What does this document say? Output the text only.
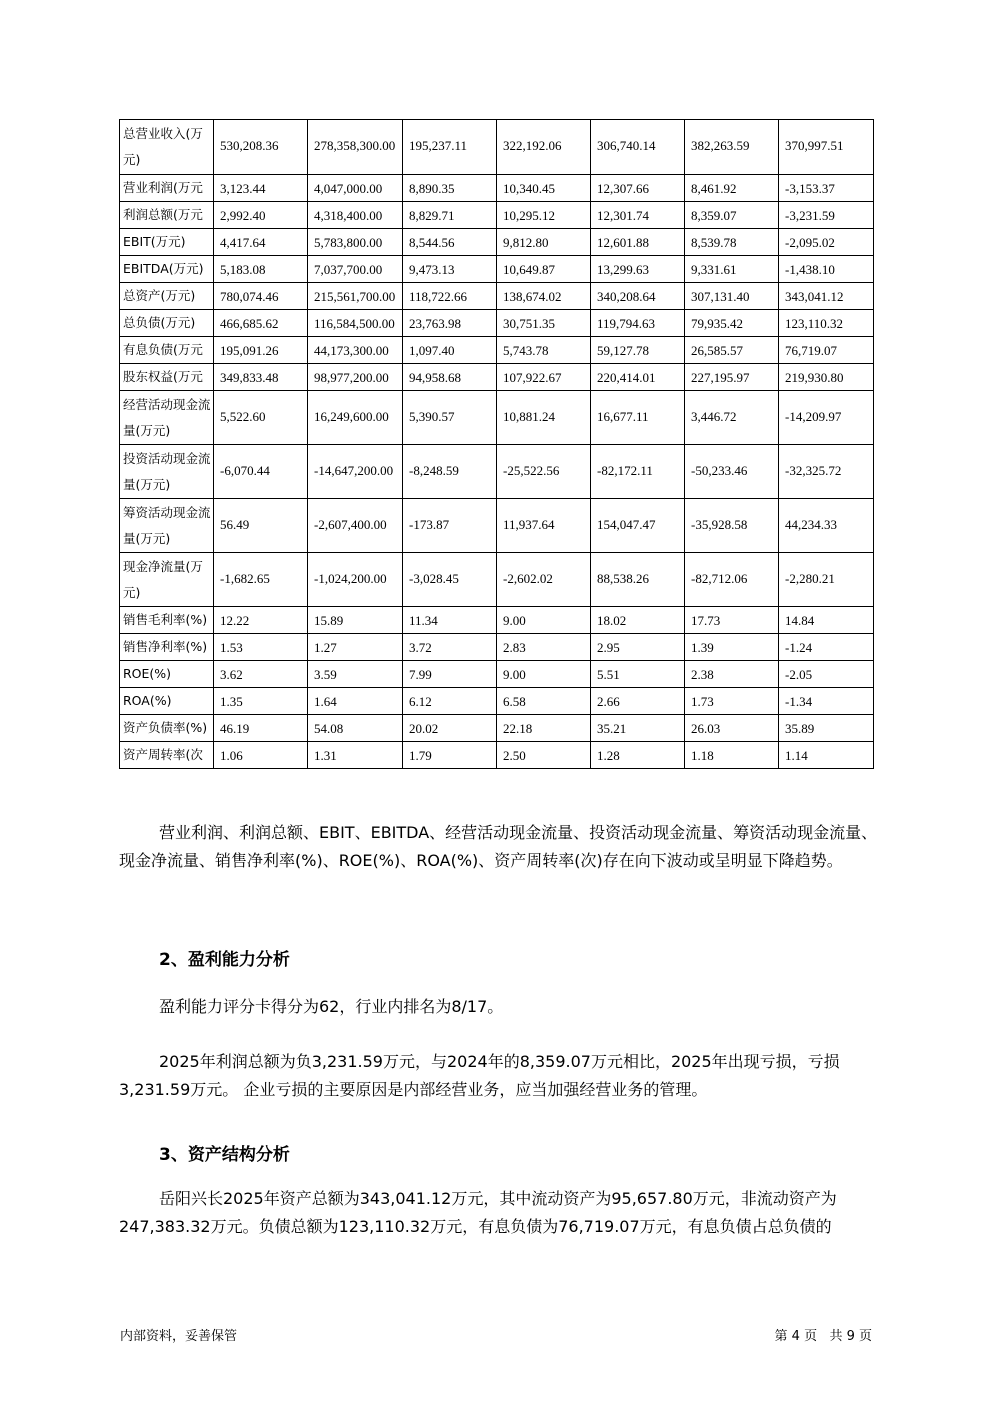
总营业收入(万元)	530,208.36	278,358,300.00	195,237.11	322,192.06	306,740.14	382,263.59	370,997.51
营业利润(万元	3,123.44	4,047,000.00	8,890.35	10,340.45	12,307.66	8,461.92	-3,153.37
利润总额(万元	2,992.40	4,318,400.00	8,829.71	10,295.12	12,301.74	8,359.07	-3,231.59
EBIT(万元)	4,417.64	5,783,800.00	8,544.56	9,812.80	12,601.88	8,539.78	-2,095.02
EBITDA(万元)	5,183.08	7,037,700.00	9,473.13	10,649.87	13,299.63	9,331.61	-1,438.10
总资产(万元)	780,074.46	215,561,700.00	118,722.66	138,674.02	340,208.64	307,131.40	343,041.12
总负债(万元)	466,685.62	116,584,500.00	23,763.98	30,751.35	119,794.63	79,935.42	123,110.32
有息负债(万元	195,091.26	44,173,300.00	1,097.40	5,743.78	59,127.78	26,585.57	76,719.07
股东权益(万元	349,833.48	98,977,200.00	94,958.68	107,922.67	220,414.01	227,195.97	219,930.80
经营活动现金流量(万元)	5,522.60	16,249,600.00	5,390.57	10,881.24	16,677.11	3,446.72	-14,209.97
投资活动现金流量(万元)	-6,070.44	-14,647,200.00	-8,248.59	-25,522.56	-82,172.11	-50,233.46	-32,325.72
筹资活动现金流量(万元)	56.49	-2,607,400.00	-173.87	11,937.64	154,047.47	-35,928.58	44,234.33
现金净流量(万元)	-1,682.65	-1,024,200.00	-3,028.45	-2,602.02	88,538.26	-82,712.06	-2,280.21
销售毛利率(%)	12.22	15.89	11.34	9.00	18.02	17.73	14.84
销售净利率(%)	1.53	1.27	3.72	2.83	2.95	1.39	-1.24
ROE(%)	3.62	3.59	7.99	9.00	5.51	2.38	-2.05
ROA(%)	1.35	1.64	6.12	6.58	2.66	1.73	-1.34
资产负债率(%)	46.19	54.08	20.02	22.18	35.21	26.03	35.89
资产周转率(次	1.06	1.31	1.79	2.50	1.28	1.18	1.14

营业利润、利润总额、EBIT、EBITDA、经营活动现金流量、投资活动现金流量、筹资活动现金流量、现金净流量、销售净利率(%)、ROE(%)、ROA(%)、资产周转率(次)存在向下波动或呈明显下降趋势。

2、盈利能力分析

盈利能力评分卡得分为62，行业内排名为8/17。

2025年利润总额为负3,231.59万元，与2024年的8,359.07万元相比，2025年出现亏损，亏损3,231.59万元。 企业亏损的主要原因是内部经营业务，应当加强经营业务的管理。

3、资产结构分析

岳阳兴长2025年资产总额为343,041.12万元，其中流动资产为95,657.80万元，非流动资产为247,383.32万元。负债总额为123,110.32万元，有息负债为76,719.07万元，有息负债占总负债的

内部资料，妥善保管	第 4 页   共 9 页
